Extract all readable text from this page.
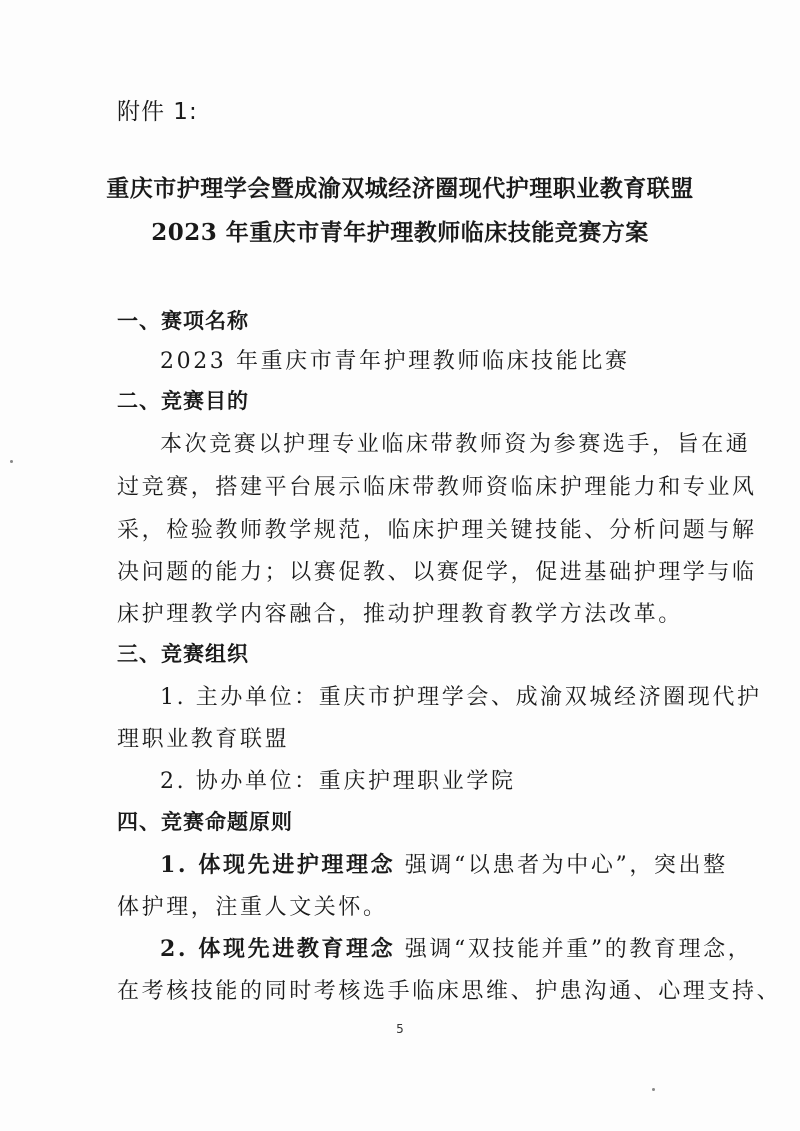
附件 1:
重庆市护理学会暨成渝双城经济圈现代护理职业教育联盟
2023 年重庆市青年护理教师临床技能竞赛方案
一、赛项名称
2023 年重庆市青年护理教师临床技能比赛
二、竞赛目的
本次竞赛以护理专业临床带教师资为参赛选手，旨在通
过竞赛，搭建平台展示临床带教师资临床护理能力和专业风
采，检验教师教学规范，临床护理关键技能、分析问题与解
决问题的能力；以赛促教、以赛促学，促进基础护理学与临
床护理教学内容融合，推动护理教育教学方法改革。
三、竞赛组织
1. 主办单位：重庆市护理学会、成渝双城经济圈现代护
理职业教育联盟
2. 协办单位：重庆护理职业学院
四、竞赛命题原则
1. 体现先进护理理念 强调“以患者为中心”，突出整
体护理，注重人文关怀。
2. 体现先进教育理念 强调“双技能并重”的教育理念，
在考核技能的同时考核选手临床思维、护患沟通、心理支持、
5
